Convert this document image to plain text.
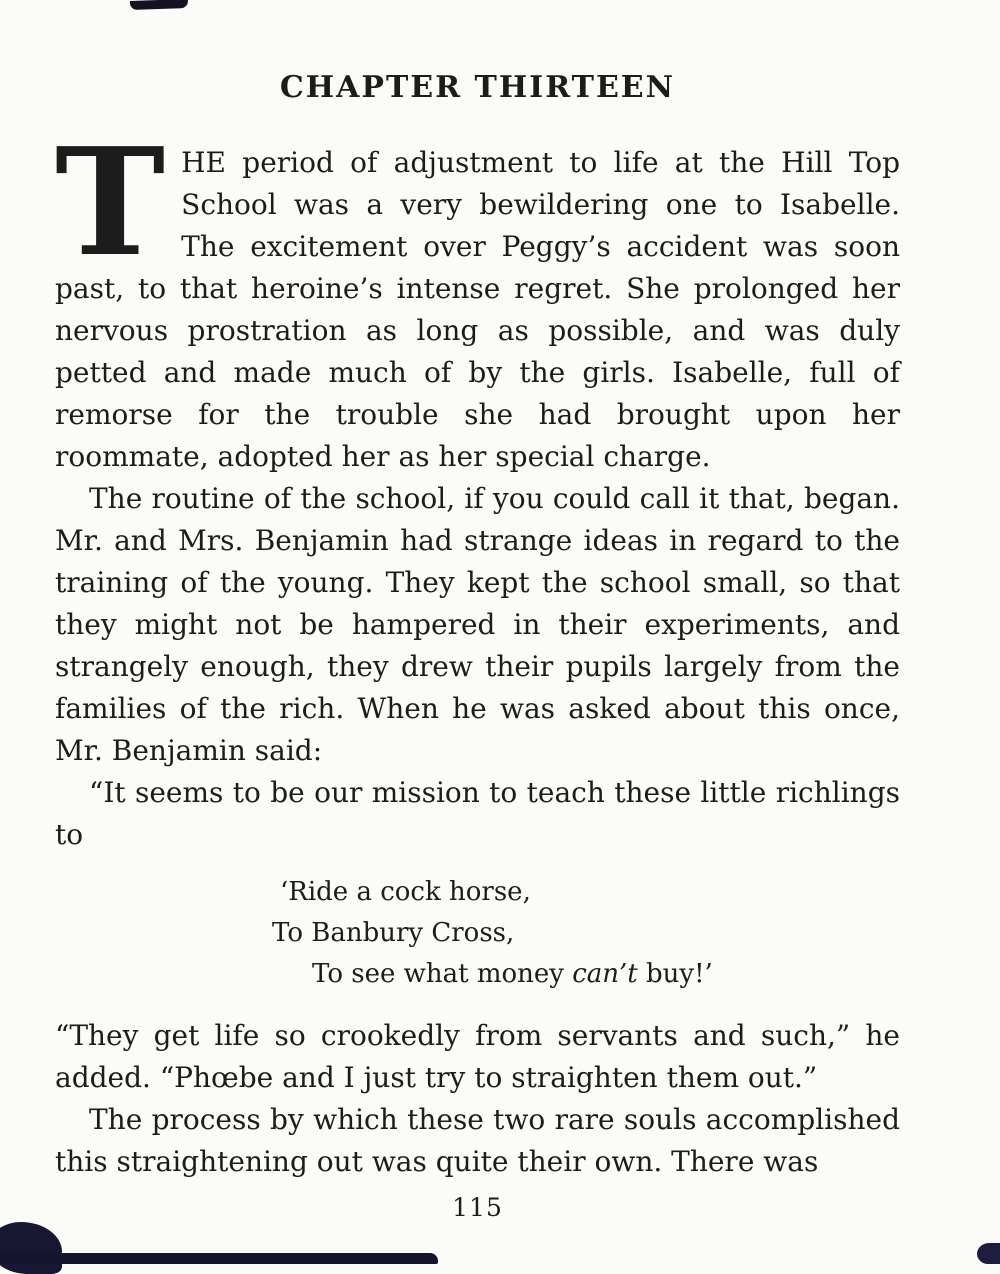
CHAPTER THIRTEEN

T HE period of adjustment to life at the Hill Top School was a very bewildering one to Isabelle. The excitement over Peggy’s accident was soon past, to that heroine’s intense regret. She prolonged her nervous prostration as long as possible, and was duly petted and made much of by the girls. Isabelle, full of remorse for the trouble she had brought upon her roommate, adopted her as her special charge.

The routine of the school, if you could call it that, began. Mr. and Mrs. Benjamin had strange ideas in regard to the training of the young. They kept the school small, so that they might not be hampered in their experiments, and strangely enough, they drew their pupils largely from the families of the rich. When he was asked about this once, Mr. Benjamin said:

“It seems to be our mission to teach these little richlings to

‘Ride a cock horse,
To Banbury Cross,
To see what money can’t buy!’

“They get life so crookedly from servants and such,” he added. “Phœbe and I just try to straighten them out.”

The process by which these two rare souls accomplished this straightening out was quite their own. There was

115
